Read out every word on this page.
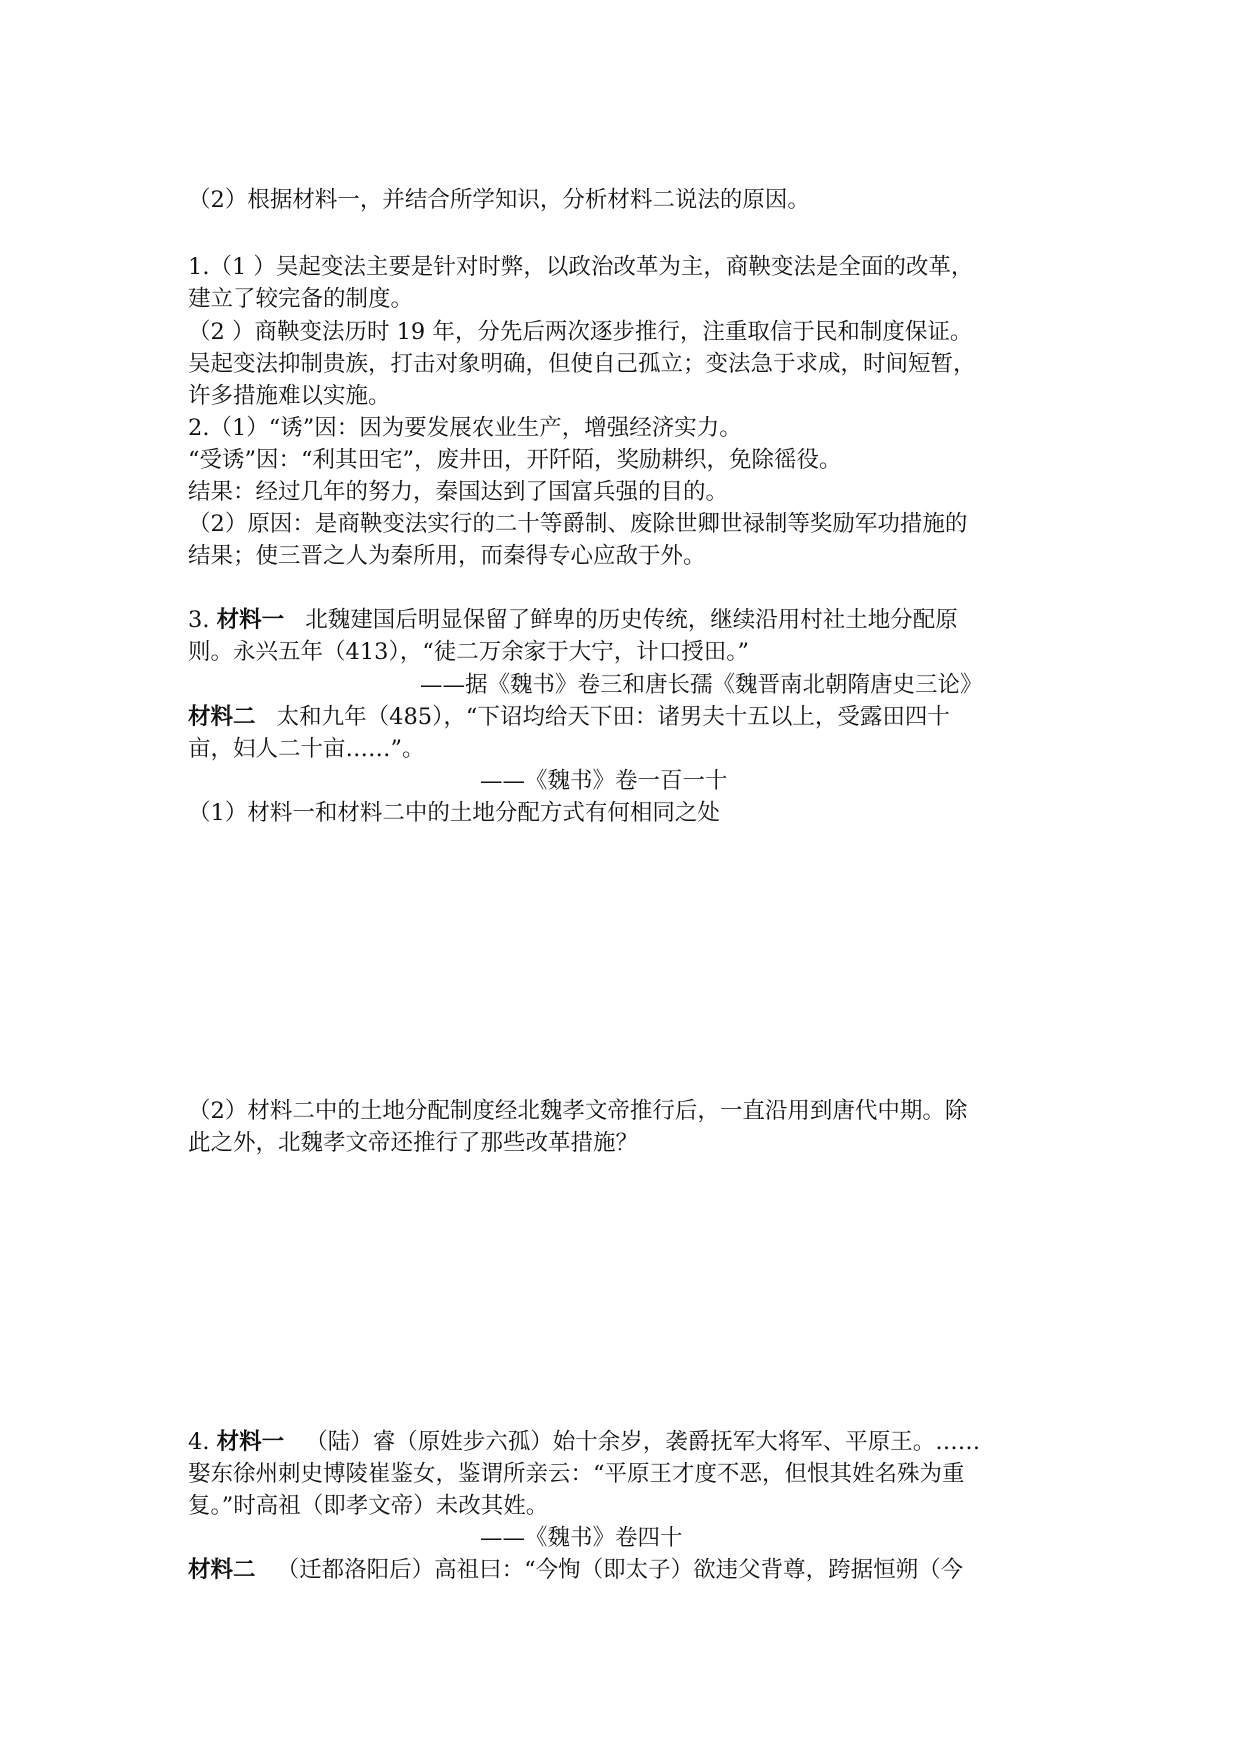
（2）根据材料一，并结合所学知识，分析材料二说法的原因。
1.（1 ）吴起变法主要是针对时弊，以政治改革为主，商鞅变法是全面的改革，
建立了较完备的制度。
（2 ）商鞅变法历时 19 年，分先后两次逐步推行，注重取信于民和制度保证。
吴起变法抑制贵族，打击对象明确，但使自己孤立；变法急于求成，时间短暂，
许多措施难以实施。
2.（1）“诱”因：因为要发展农业生产，增强经济实力。
“受诱”因：“利其田宅”，废井田，开阡陌，奖励耕织，免除徭役。
结果：经过几年的努力，秦国达到了国富兵强的目的。
（2）原因：是商鞅变法实行的二十等爵制、废除世卿世禄制等奖励军功措施的
结果；使三晋之人为秦所用，而秦得专心应敌于外。
3. 材料一 北魏建国后明显保留了鲜卑的历史传统，继续沿用村社土地分配原
则。永兴五年（413），“徒二万余家于大宁，计口授田。”
——据《魏书》卷三和唐长孺《魏晋南北朝隋唐史三论》
材料二 太和九年（485），“下诏均给天下田：诸男夫十五以上，受露田四十
亩，妇人二十亩……”。
——《魏书》卷一百一十
（1）材料一和材料二中的土地分配方式有何相同之处
（2）材料二中的土地分配制度经北魏孝文帝推行后，一直沿用到唐代中期。除
此之外，北魏孝文帝还推行了那些改革措施？
4. 材料一 （陆）睿（原姓步六孤）始十余岁，袭爵抚军大将军、平原王。……
娶东徐州刺史博陵崔鉴女，鉴谓所亲云：“平原王才度不恶，但恨其姓名殊为重
复。”时高祖（即孝文帝）未改其姓。
——《魏书》卷四十
材料二 （迁都洛阳后）高祖曰：“今恂（即太子）欲违父背尊，跨据恒朔（今
